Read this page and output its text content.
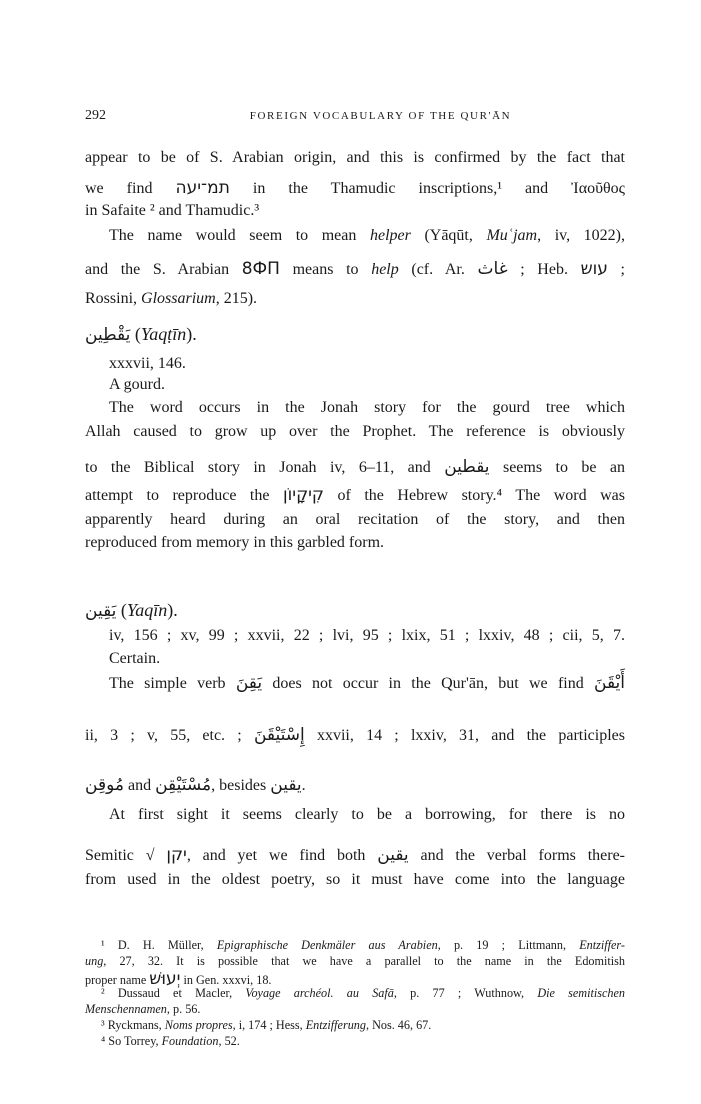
292	FOREIGN VOCABULARY OF THE QUR'ĀN
appear to be of S. Arabian origin, and this is confirmed by the fact that
we find תמ־יעה in the Thamudic inscriptions,¹ and Ἰαοῦθος
in Safaite ² and Thamudic.³
The name would seem to mean helper (Yāqūt, Muʿjam, iv, 1022),
and the S. Arabian 8ФП means to help (cf. Ar. غاث ; Heb. עוש ;
Rossini, Glossarium, 215).
يَقْطِين (Yaqṭīn).
xxxvii, 146.
A gourd.
The word occurs in the Jonah story for the gourd tree which
Allah caused to grow up over the Prophet. The reference is obviously
to the Biblical story in Jonah iv, 6–11, and يقطين seems to be an
attempt to reproduce the קִיקָיוֹן of the Hebrew story.⁴ The word was
apparently heard during an oral recitation of the story, and then
reproduced from memory in this garbled form.
يَقِين (Yaqīn).
iv, 156 ; xv, 99 ; xxvii, 22 ; lvi, 95 ; lxix, 51 ; lxxiv, 48 ; cii, 5, 7.
Certain.
The simple verb يَقِنَ does not occur in the Qur'ān, but we find أَيْقَنَ
ii, 3 ; v, 55, etc. ; إِسْتَيْقَنَ xxvii, 14 ; lxxiv, 31, and the participles
مُوقِن and مُسْتَيْقِن, besides يقين.
At first sight it seems clearly to be a borrowing, for there is no
Semitic √ יקן, and yet we find both يقين and the verbal forms there-
from used in the oldest poetry, so it must have come into the language
¹ D. H. Müller, Epigraphische Denkmäler aus Arabien, p. 19 ; Littmann, Entziffer-
ung, 27, 32. It is possible that we have a parallel to the name in the Edomitish
proper name יְעוּשׁ in Gen. xxxvi, 18.
² Dussaud et Macler, Voyage archéol. au Safā, p. 77 ; Wuthnow, Die semitischen
Menschennamen, p. 56.
³ Ryckmans, Noms propres, i, 174 ; Hess, Entzifferung, Nos. 46, 67.
⁴ So Torrey, Foundation, 52.
